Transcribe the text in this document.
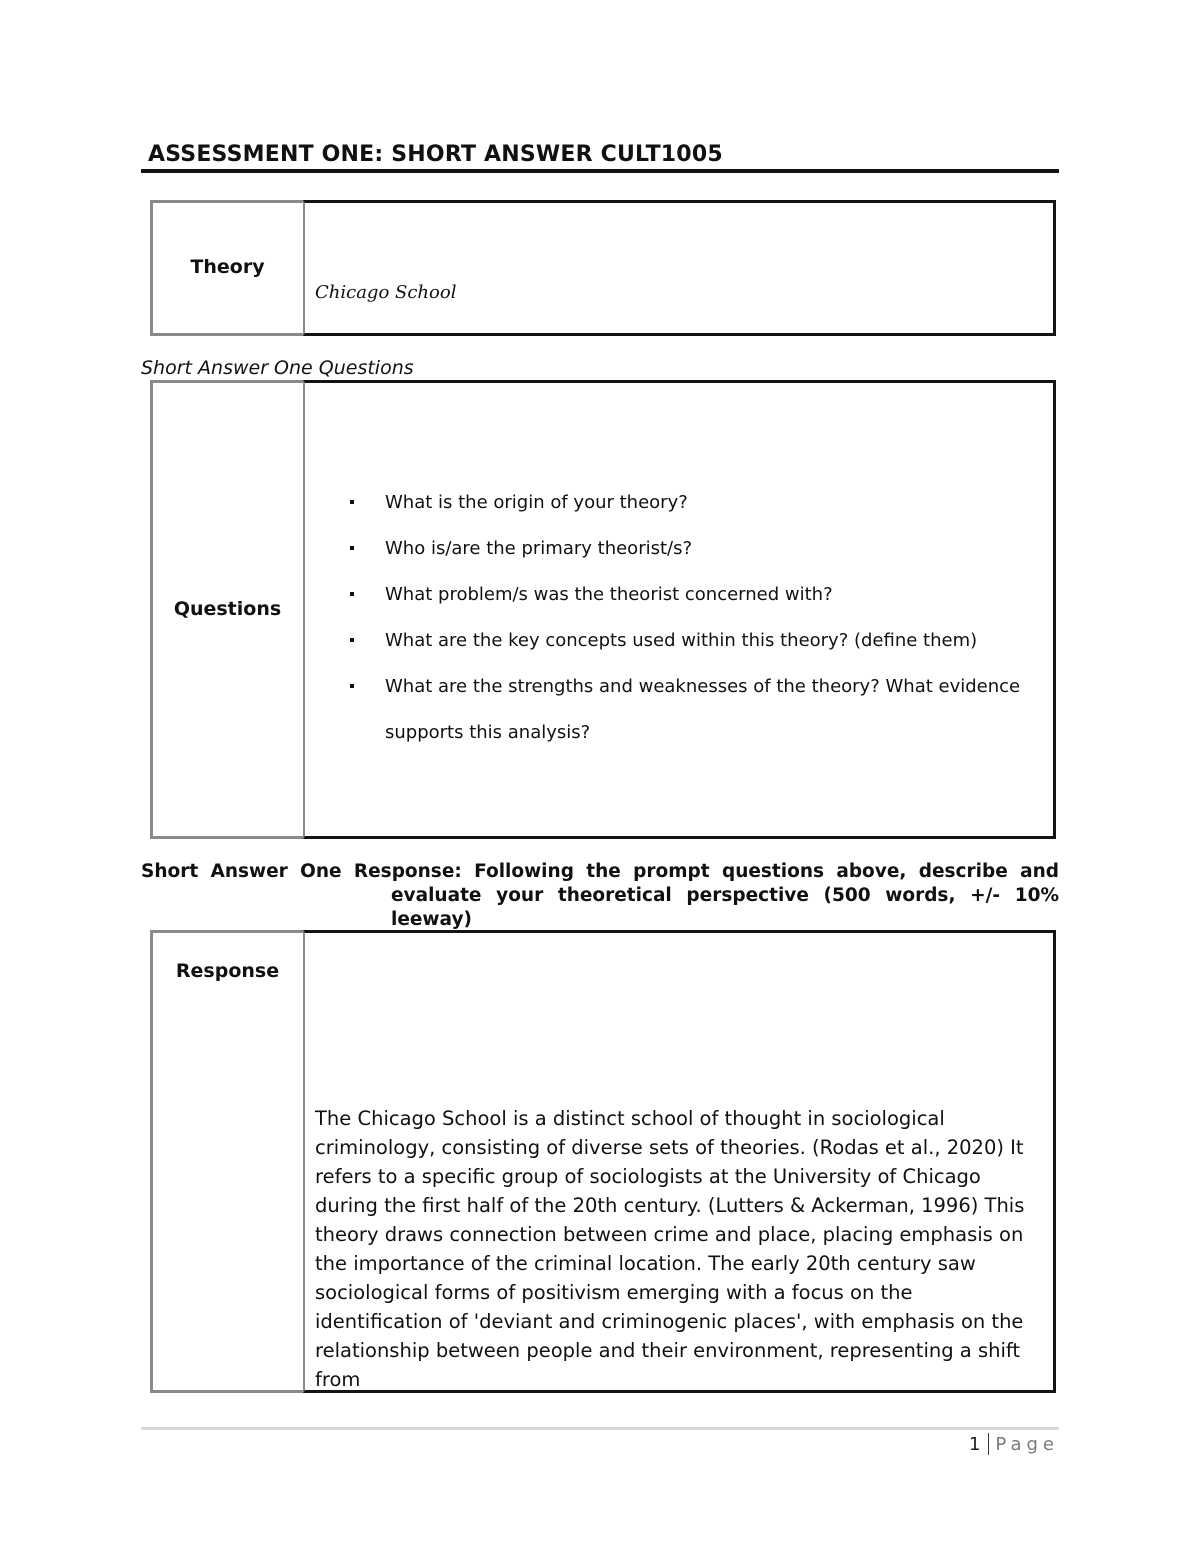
ASSESSMENT ONE: SHORT ANSWER CULT1005
Theory
Chicago School
Short Answer One Questions
Questions
What is the origin of your theory?
Who is/are the primary theorist/s?
What problem/s was the theorist concerned with?
What are the key concepts used within this theory? (define them)
What are the strengths and weaknesses of the theory? What evidence supports this analysis?
Short Answer One Response: Following the prompt questions above, describe and
evaluate your theoretical perspective (500 words, +/- 10% leeway)
Response
The Chicago School is a distinct school of thought in sociological criminology, consisting of diverse sets of theories. (Rodas et al., 2020) It refers to a specific group of sociologists at the University of Chicago during the first half of the 20th century. (Lutters & Ackerman, 1996) This theory draws connection between crime and place, placing emphasis on the importance of the criminal location. The early 20th century saw sociological forms of positivism emerging with a focus on the identification of 'deviant and criminogenic places', with emphasis on the relationship between people and their environment, representing a shift from
1 Page
